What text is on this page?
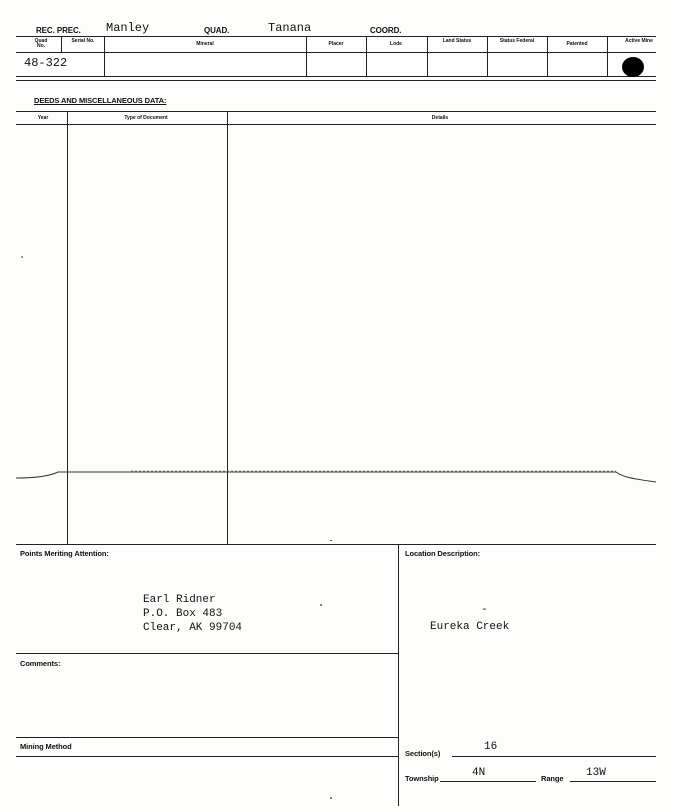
REC. PREC. Manley	QUAD.	Tanana	COORD.
Quad No.
Serial No.	Mineral	Placer	Lode	Land Status	Status Federal	Patented	Active Mine
48-322
DEEDS AND MISCELLANEOUS DATA:
Year	Type of Document	Details
Points Meriting Attention:
Earl Ridner
P.O. Box 483
Clear, AK 99704
Comments:
Mining Method
Location Description:
-
Eureka Creek
Section(s)
16
Township	4N	Range 13W
